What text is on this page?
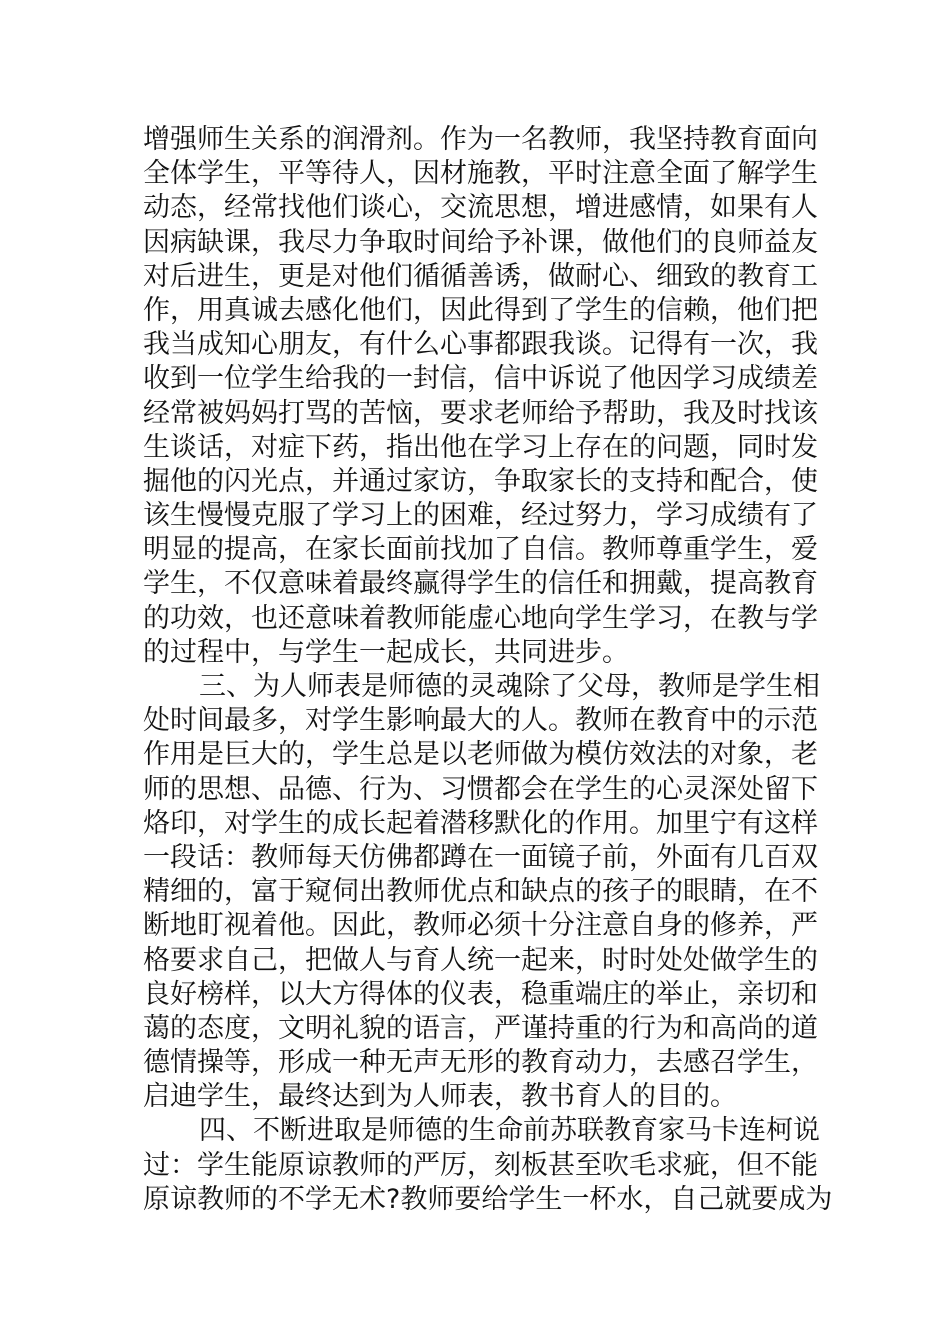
增强师生关系的润滑剂。作为一名教师，我坚持教育面向
全体学生，平等待人，因材施教，平时注意全面了解学生
动态，经常找他们谈心，交流思想，增进感情，如果有人
因病缺课，我尽力争取时间给予补课，做他们的良师益友
对后进生，更是对他们循循善诱，做耐心、细致的教育工
作，用真诚去感化他们，因此得到了学生的信赖，他们把
我当成知心朋友，有什么心事都跟我谈。记得有一次，我
收到一位学生给我的一封信，信中诉说了他因学习成绩差
经常被妈妈打骂的苦恼，要求老师给予帮助，我及时找该
生谈话，对症下药，指出他在学习上存在的问题，同时发
掘他的闪光点，并通过家访，争取家长的支持和配合，使
该生慢慢克服了学习上的困难，经过努力，学习成绩有了
明显的提高，在家长面前找加了自信。教师尊重学生，爱
学生，不仅意味着最终赢得学生的信任和拥戴，提高教育
的功效，也还意味着教师能虚心地向学生学习，在教与学
的过程中，与学生一起成长，共同进步。
三、为人师表是师德的灵魂除了父母，教师是学生相
处时间最多，对学生影响最大的人。教师在教育中的示范
作用是巨大的，学生总是以老师做为模仿效法的对象，老
师的思想、品德、行为、习惯都会在学生的心灵深处留下
烙印，对学生的成长起着潜移默化的作用。加里宁有这样
一段话：教师每天仿佛都蹲在一面镜子前，外面有几百双
精细的，富于窥伺出教师优点和缺点的孩子的眼睛，在不
断地盯视着他。因此，教师必须十分注意自身的修养，严
格要求自己，把做人与育人统一起来，时时处处做学生的
良好榜样，以大方得体的仪表，稳重端庄的举止，亲切和
蔼的态度，文明礼貌的语言，严谨持重的行为和高尚的道
德情操等，形成一种无声无形的教育动力，去感召学生，
启迪学生，最终达到为人师表，教书育人的目的。
四、不断进取是师德的生命前苏联教育家马卡连柯说
过：学生能原谅教师的严厉，刻板甚至吹毛求疵，但不能
原谅教师的不学无术?教师要给学生一杯水，自己就要成为
